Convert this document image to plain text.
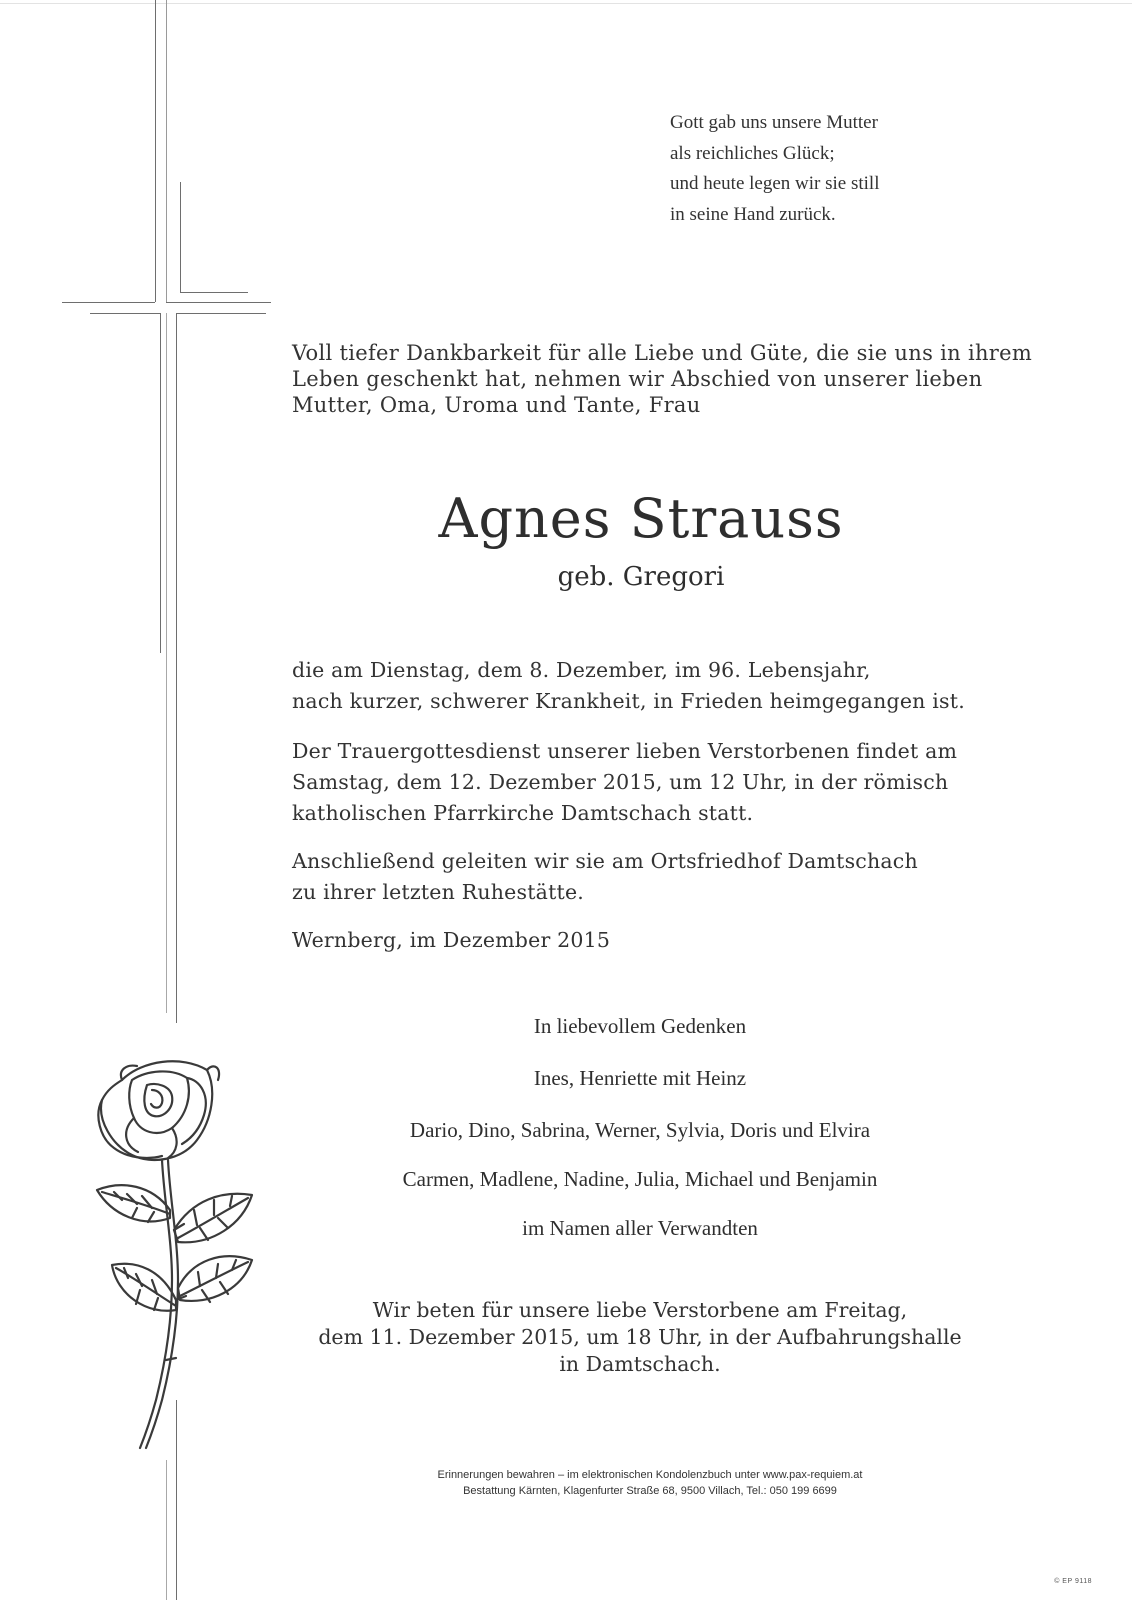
Gott gab uns unsere Mutter
als reichliches Glück;
und heute legen wir sie still
in seine Hand zurück.
Voll tiefer Dankbarkeit für alle Liebe und Güte, die sie uns in ihrem
Leben geschenkt hat, nehmen wir Abschied von unserer lieben
Mutter, Oma, Uroma und Tante, Frau
Agnes Strauss
geb. Gregori
die am Dienstag, dem 8. Dezember, im 96. Lebensjahr,
nach kurzer, schwerer Krankheit, in Frieden heimgegangen ist.
Der Trauergottesdienst unserer lieben Verstorbenen findet am
Samstag, dem 12. Dezember 2015, um 12 Uhr, in der römisch
katholischen Pfarrkirche Damtschach statt.
Anschließend geleiten wir sie am Ortsfriedhof Damtschach
zu ihrer letzten Ruhestätte.
Wernberg, im Dezember 2015
In liebevollem Gedenken
Ines, Henriette mit Heinz
Dario, Dino, Sabrina, Werner, Sylvia, Doris und Elvira
Carmen, Madlene, Nadine, Julia, Michael und Benjamin
im Namen aller Verwandten
Wir beten für unsere liebe Verstorbene am Freitag,
dem 11. Dezember 2015, um 18 Uhr, in der Aufbahrungshalle
in Damtschach.
Erinnerungen bewahren – im elektronischen Kondolenzbuch unter www.pax-requiem.at
Bestattung Kärnten, Klagenfurter Straße 68, 9500 Villach, Tel.: 050 199 6699
© EP 9118
